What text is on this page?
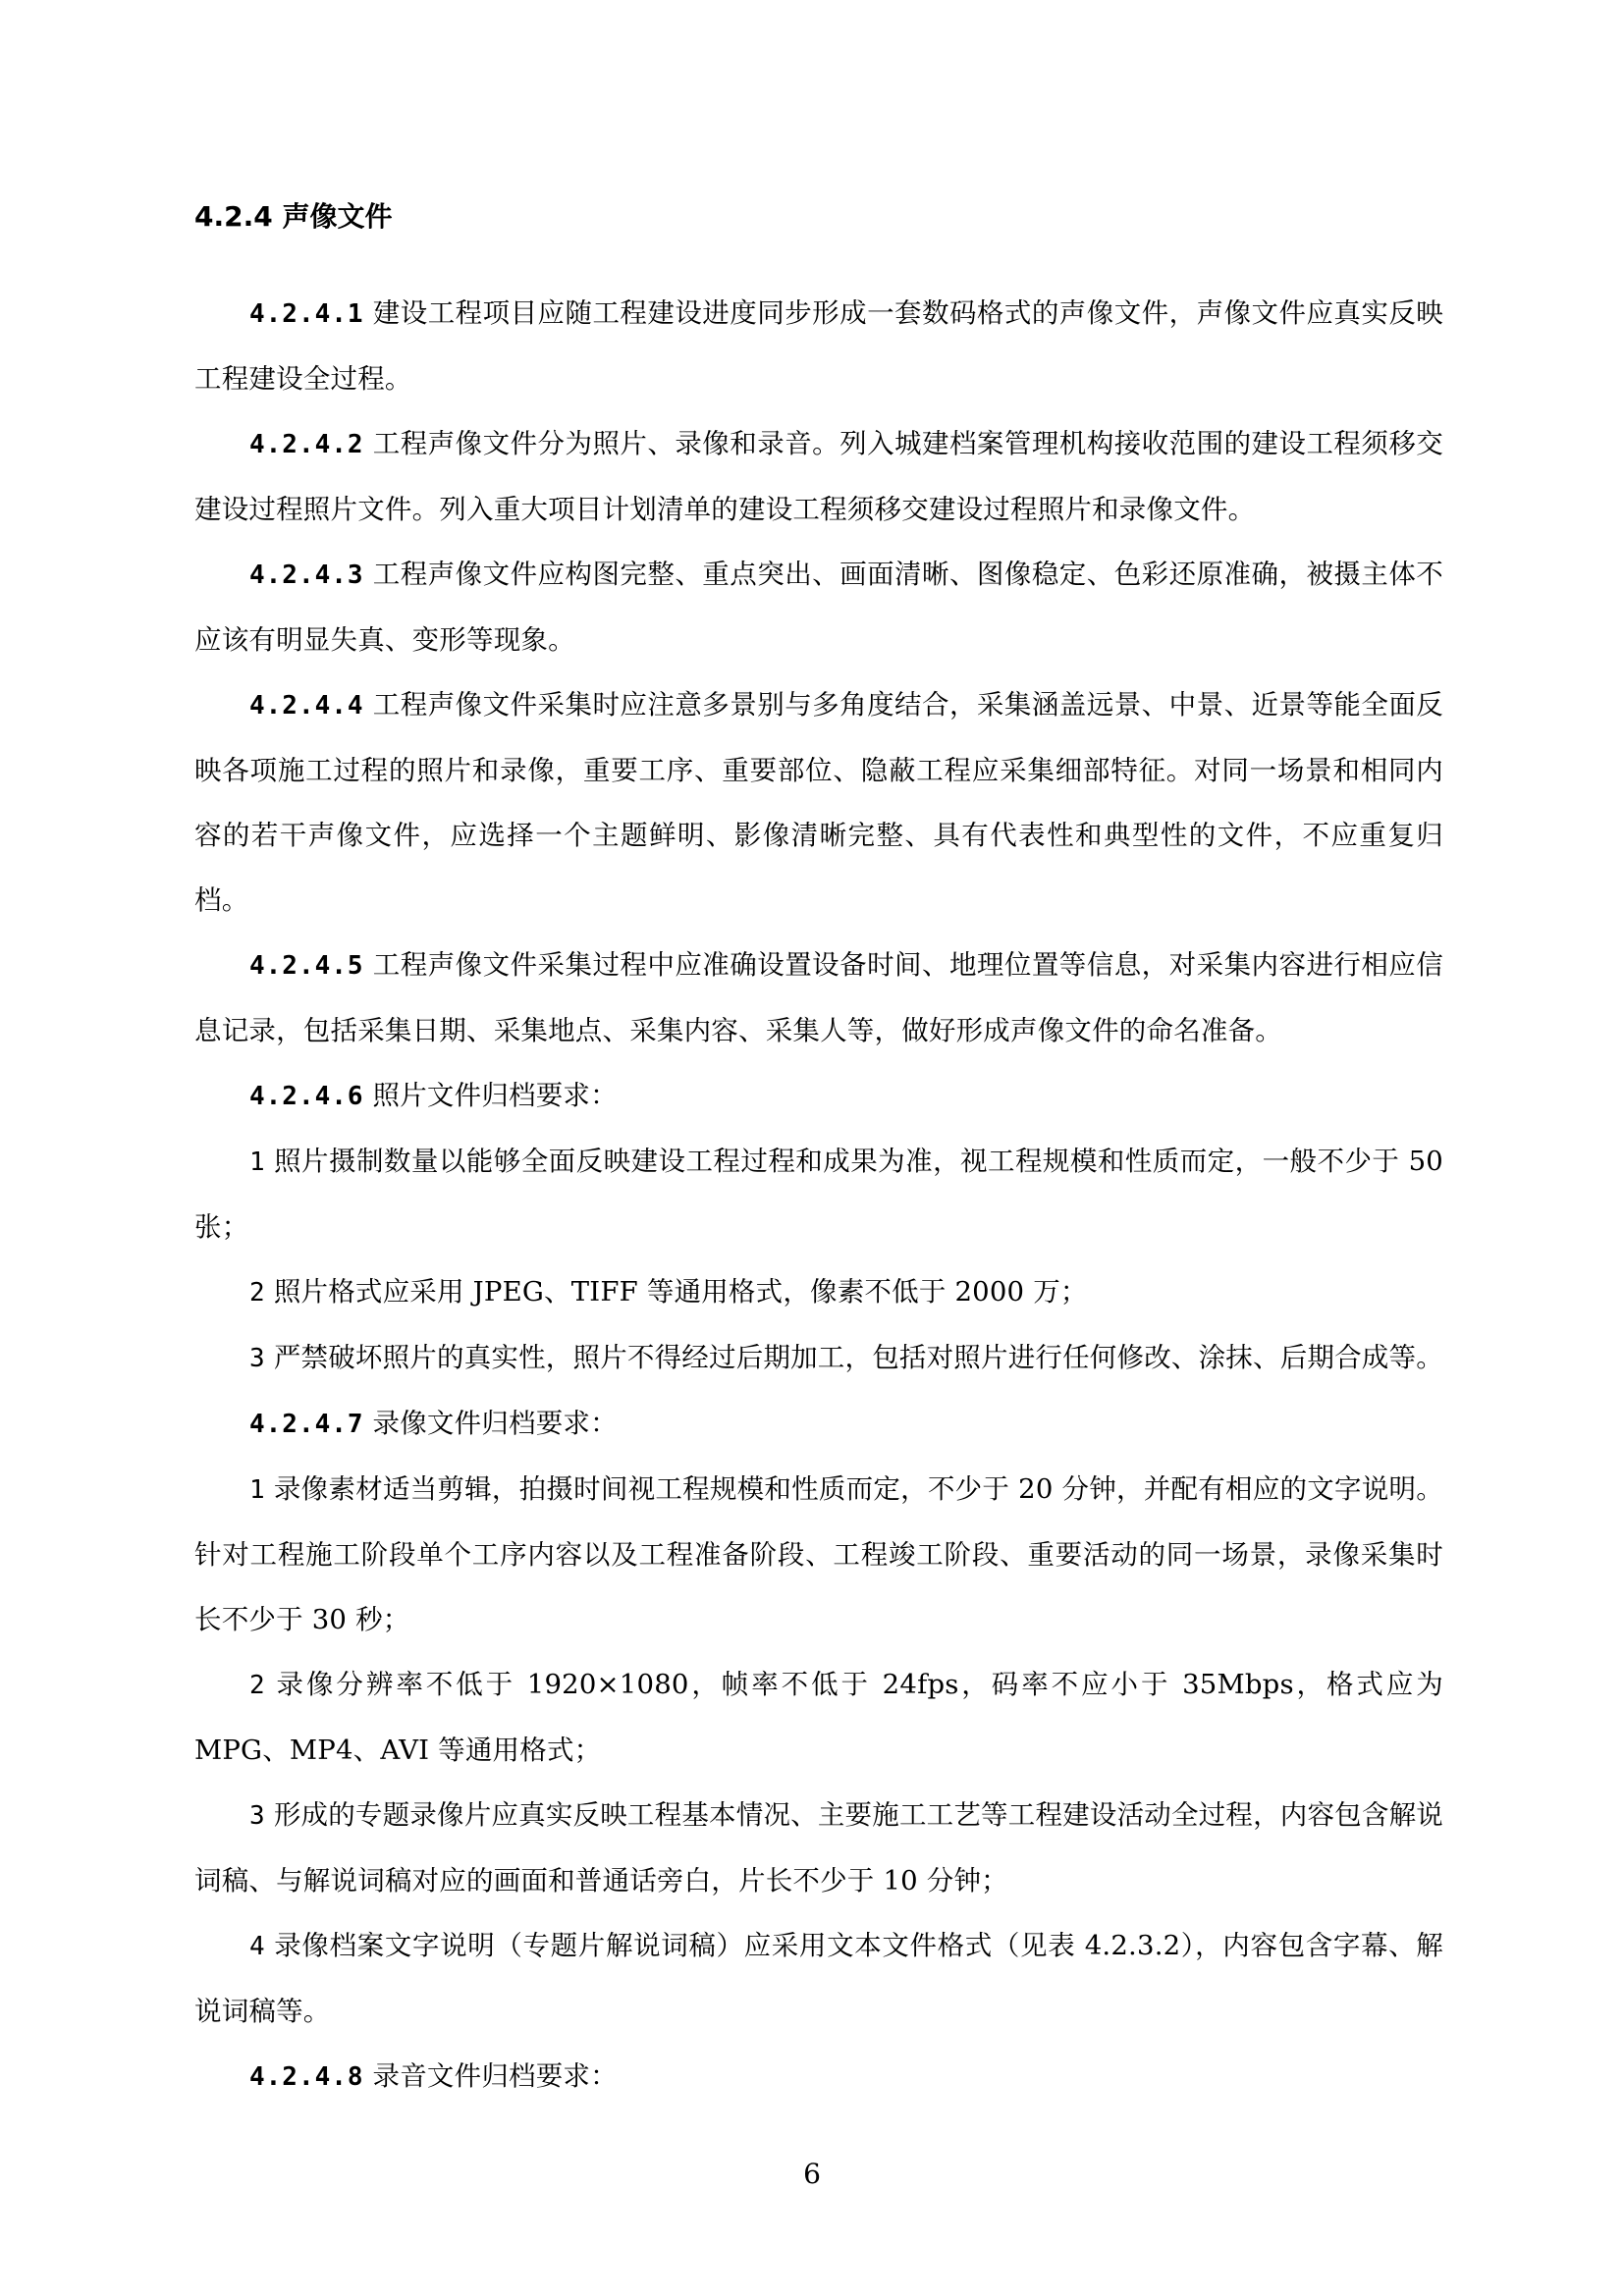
4.2.4 声像文件

4.2.4.1 建设工程项目应随工程建设进度同步形成一套数码格式的声像文件，声像文件应真实反映工程建设全过程。

4.2.4.2 工程声像文件分为照片、录像和录音。列入城建档案管理机构接收范围的建设工程须移交建设过程照片文件。列入重大项目计划清单的建设工程须移交建设过程照片和录像文件。

4.2.4.3 工程声像文件应构图完整、重点突出、画面清晰、图像稳定、色彩还原准确，被摄主体不应该有明显失真、变形等现象。

4.2.4.4 工程声像文件采集时应注意多景别与多角度结合，采集涵盖远景、中景、近景等能全面反映各项施工过程的照片和录像，重要工序、重要部位、隐蔽工程应采集细部特征。对同一场景和相同内容的若干声像文件，应选择一个主题鲜明、影像清晰完整、具有代表性和典型性的文件，不应重复归档。

4.2.4.5 工程声像文件采集过程中应准确设置设备时间、地理位置等信息，对采集内容进行相应信息记录，包括采集日期、采集地点、采集内容、采集人等，做好形成声像文件的命名准备。

4.2.4.6 照片文件归档要求：

1 照片摄制数量以能够全面反映建设工程过程和成果为准，视工程规模和性质而定，一般不少于 50 张；

2 照片格式应采用 JPEG、TIFF 等通用格式，像素不低于 2000 万；

3 严禁破坏照片的真实性，照片不得经过后期加工，包括对照片进行任何修改、涂抹、后期合成等。

4.2.4.7 录像文件归档要求：

1 录像素材适当剪辑，拍摄时间视工程规模和性质而定，不少于 20 分钟，并配有相应的文字说明。针对工程施工阶段单个工序内容以及工程准备阶段、工程竣工阶段、重要活动的同一场景，录像采集时长不少于 30 秒；

2 录像分辨率不低于 1920×1080，帧率不低于 24fps，码率不应小于 35Mbps，格式应为 MPG、MP4、AVI 等通用格式；

3 形成的专题录像片应真实反映工程基本情况、主要施工工艺等工程建设活动全过程，内容包含解说词稿、与解说词稿对应的画面和普通话旁白，片长不少于 10 分钟；

4 录像档案文字说明（专题片解说词稿）应采用文本文件格式（见表 4.2.3.2），内容包含字幕、解说词稿等。

4.2.4.8 录音文件归档要求：

6
